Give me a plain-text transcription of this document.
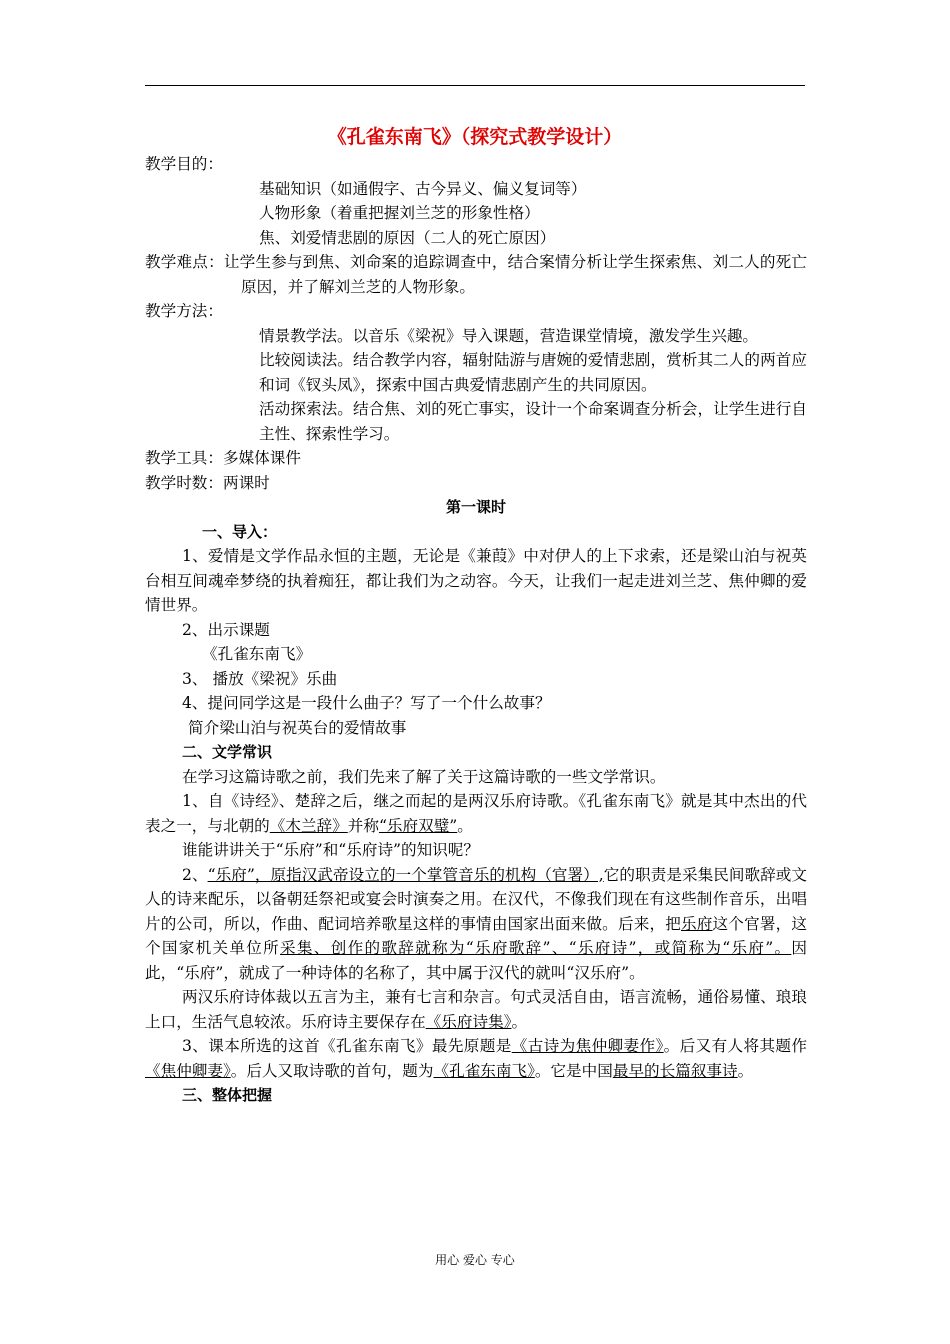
《孔雀东南飞》（探究式教学设计）

教学目的：

基础知识（如通假字、古今异义、偏义复词等）

人物形象（着重把握刘兰芝的形象性格）

焦、刘爱情悲剧的原因（二人的死亡原因）

教学难点：让学生参与到焦、刘命案的追踪调查中，结合案情分析让学生探索焦、刘二人的死亡原因，并了解刘兰芝的人物形象。

教学方法：

情景教学法。以音乐《梁祝》导入课题，营造课堂情境，激发学生兴趣。

比较阅读法。结合教学内容，辐射陆游与唐婉的爱情悲剧，赏析其二人的两首应和词《钗头凤》，探索中国古典爱情悲剧产生的共同原因。

活动探索法。结合焦、刘的死亡事实，设计一个命案调查分析会，让学生进行自主性、探索性学习。

教学工具：多媒体课件

教学时数：两课时

第一课时

一、导入：

1、爱情是文学作品永恒的主题，无论是《兼葭》中对伊人的上下求索，还是梁山泊与祝英台相互间魂牵梦绕的执着痴狂，都让我们为之动容。今天，让我们一起走进刘兰芝、焦仲卿的爱情世界。

2、出示课题

《孔雀东南飞》

3、 播放《梁祝》乐曲

4、提问同学这是一段什么曲子？写了一个什么故事？

简介梁山泊与祝英台的爱情故事

二、文学常识

在学习这篇诗歌之前，我们先来了解了关于这篇诗歌的一些文学常识。

1、自《诗经》、楚辞之后，继之而起的是两汉乐府诗歌。《孔雀东南飞》就是其中杰出的代表之一，与北朝的《木兰辞》并称“乐府双璧”。

谁能讲讲关于“乐府”和“乐府诗”的知识呢？

2、“乐府”，原指汉武帝设立的一个掌管音乐的机构（官署）,它的职责是采集民间歌辞或文人的诗来配乐，以备朝廷祭祀或宴会时演奏之用。在汉代，不像我们现在有这些制作音乐，出唱片的公司，所以，作曲、配词培养歌星这样的事情由国家出面来做。后来，把乐府这个官署，这个国家机关单位所采集、创作的歌辞就称为“乐府歌辞”、“乐府诗”，或简称为“乐府”。因此，“乐府”，就成了一种诗体的名称了，其中属于汉代的就叫“汉乐府”。

两汉乐府诗体裁以五言为主，兼有七言和杂言。句式灵活自由，语言流畅，通俗易懂、琅琅上口，生活气息较浓。乐府诗主要保存在《乐府诗集》。

3、课本所选的这首《孔雀东南飞》最先原题是《古诗为焦仲卿妻作》。后又有人将其题作《焦仲卿妻》。后人又取诗歌的首句，题为《孔雀东南飞》。它是中国最早的长篇叙事诗。

三、整体把握

用心 爱心 专心
